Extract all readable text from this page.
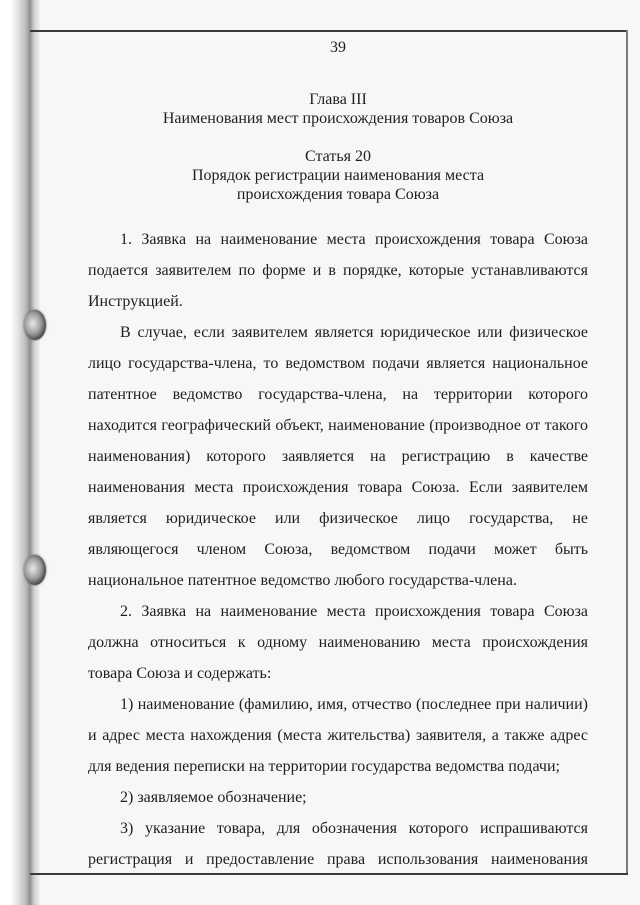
39

Глава III

Наименования мест происхождения товаров Союза

Статья 20

Порядок регистрации наименования места

происхождения товара Союза

1. Заявка на наименование места происхождения товара Союза подается заявителем по форме и в порядке, которые устанавливаются Инструкцией.

В случае, если заявителем является юридическое или физическое лицо государства-члена, то ведомством подачи является национальное патентное ведомство государства-члена, на территории которого находится географический объект, наименование (производное от такого наименования) которого заявляется на регистрацию в качестве наименования места происхождения товара Союза. Если заявителем является юридическое или физическое лицо государства, не являющегося членом Союза, ведомством подачи может быть национальное патентное ведомство любого государства-члена.

2. Заявка на наименование места происхождения товара Союза должна относиться к одному наименованию места происхождения товара Союза и содержать:

1) наименование (фамилию, имя, отчество (последнее при наличии) и адрес места нахождения (места жительства) заявителя, а также адрес для ведения переписки на территории государства ведомства подачи;

2) заявляемое обозначение;

3) указание товара, для обозначения которого испрашиваются регистрация и предоставление права использования наименования
